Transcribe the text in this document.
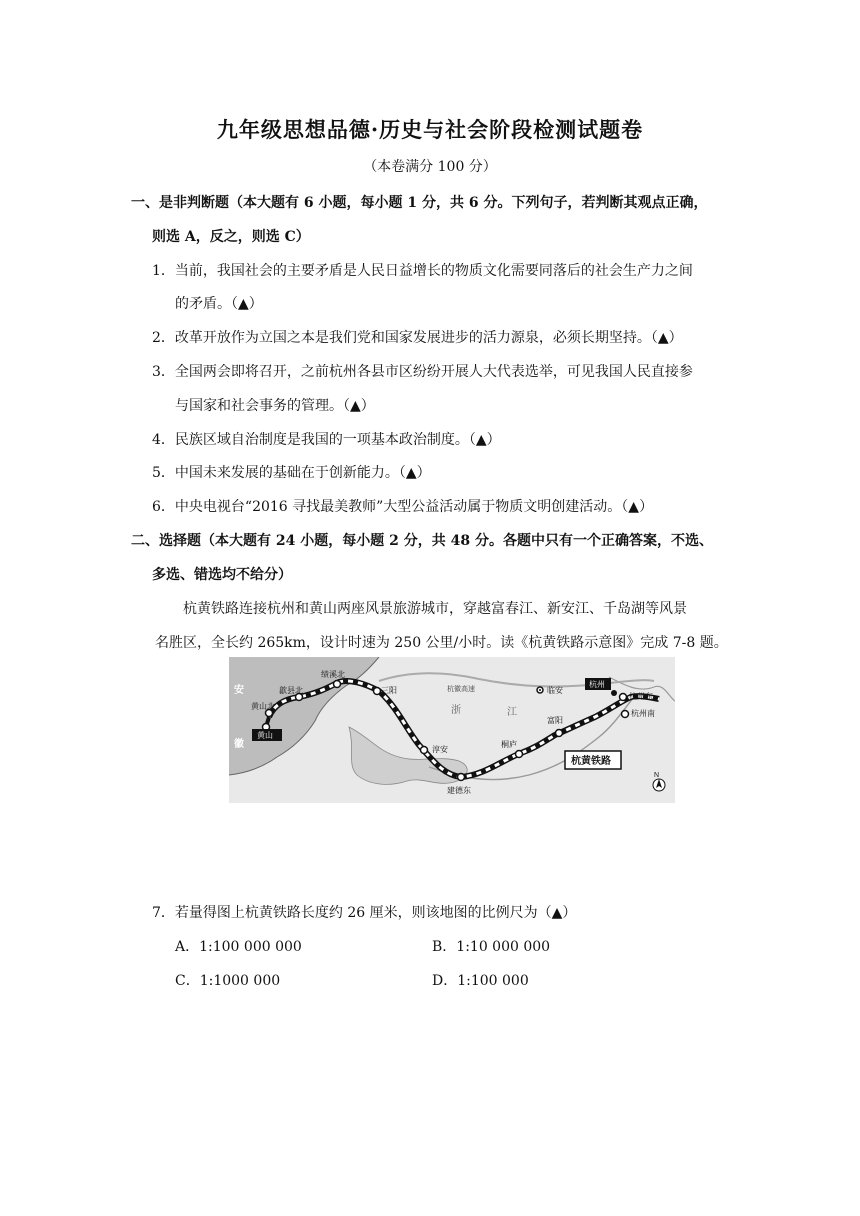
九年级思想品德·历史与社会阶段检测试题卷
（本卷满分 100 分）
一、是非判断题（本大题有 6 小题，每小题 1 分，共 6 分。下列句子，若判断其观点正确，
则选 A，反之，则选 C）
1．当前，我国社会的主要矛盾是人民日益增长的物质文化需要同落后的社会生产力之间
的矛盾。（▲）
2．改革开放作为立国之本是我们党和国家发展进步的活力源泉，必须长期坚持。（▲）
3．全国两会即将召开，之前杭州各县市区纷纷开展人大代表选举，可见我国人民直接参
与国家和社会事务的管理。（▲）
4．民族区域自治制度是我国的一项基本政治制度。（▲）
5．中国未来发展的基础在于创新能力。（▲）
6．中央电视台“2016 寻找最美教师”大型公益活动属于物质文明创建活动。（▲）
二、选择题（本大题有 24 小题，每小题 2 分，共 48 分。各题中只有一个正确答案，不选、
多选、错选均不给分）
杭黄铁路连接杭州和黄山两座风景旅游城市，穿越富春江、新安江、千岛湖等风景
名胜区，全长约 265km，设计时速为 250 公里/小时。读《杭黄铁路示意图》完成 7-8 题。
黄山北
黄山
歙县北
绩溪北
三阳
淳安
建德东
桐庐
富阳
杭州东
杭州南
杭州
临安
杭徽高速
安
徽
浙	江
杭黄铁路
N
7．若量得图上杭黄铁路长度约 26 厘米，则该地图的比例尺为（▲）
A．1:100 000 000	B．1:10 000 000
C．1:1000 000	D．1:100 000
